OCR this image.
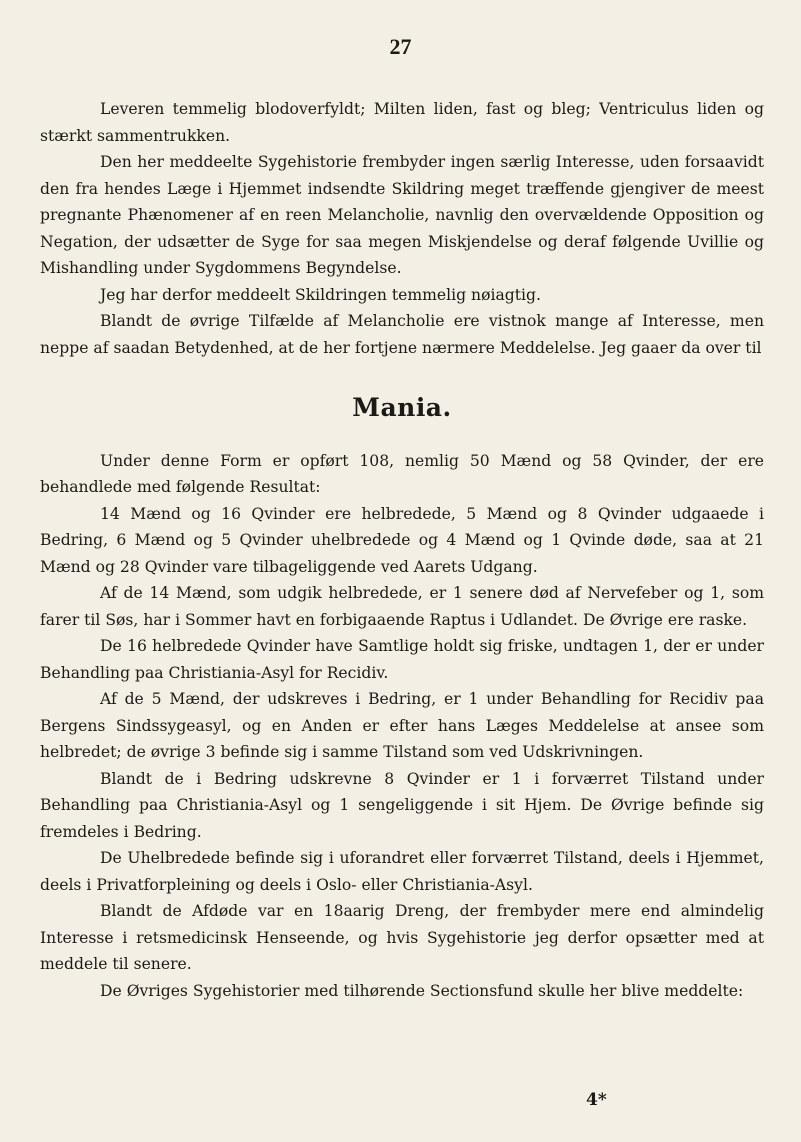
27

Leveren temmelig blodoverfyldt; Milten liden, fast og bleg; Ventriculus liden og stærkt sammentrukken.

Den her meddeelte Sygehistorie frembyder ingen særlig Interesse, uden forsaavidt den fra hendes Læge i Hjemmet indsendte Skildring meget træffende gjengiver de meest pregnante Phænomener af en reen Melancholie, navnlig den overvældende Opposition og Negation, der udsætter de Syge for saa megen Miskjendelse og deraf følgende Uvillie og Mishandling under Sygdommens Begyndelse.

Jeg har derfor meddeelt Skildringen temmelig nøiagtig.

Blandt de øvrige Tilfælde af Melancholie ere vistnok mange af Interesse, men neppe af saadan Betydenhed, at de her fortjene nærmere Meddelelse. Jeg gaaer da over til

Mania.

Under denne Form er opført 108, nemlig 50 Mænd og 58 Qvinder, der ere behandlede med følgende Resultat:

14 Mænd og 16 Qvinder ere helbredede, 5 Mænd og 8 Qvinder udgaaede i Bedring, 6 Mænd og 5 Qvinder uhelbredede og 4 Mænd og 1 Qvinde døde, saa at 21 Mænd og 28 Qvinder vare tilbageliggende ved Aarets Udgang.

Af de 14 Mænd, som udgik helbredede, er 1 senere død af Nervefeber og 1, som farer til Søs, har i Sommer havt en forbigaaende Raptus i Udlandet. De Øvrige ere raske.

De 16 helbredede Qvinder have Samtlige holdt sig friske, undtagen 1, der er under Behandling paa Christiania-Asyl for Recidiv.

Af de 5 Mænd, der udskreves i Bedring, er 1 under Behandling for Recidiv paa Bergens Sindssygeasyl, og en Anden er efter hans Læges Meddelelse at ansee som helbredet; de øvrige 3 befinde sig i samme Tilstand som ved Udskrivningen.

Blandt de i Bedring udskrevne 8 Qvinder er 1 i forværret Tilstand under Behandling paa Christiania-Asyl og 1 sengeliggende i sit Hjem. De Øvrige befinde sig fremdeles i Bedring.

De Uhelbredede befinde sig i uforandret eller forværret Tilstand, deels i Hjemmet, deels i Privatforpleining og deels i Oslo- eller Christiania-Asyl.

Blandt de Afdøde var en 18aarig Dreng, der frembyder mere end almindelig Interesse i retsmedicinsk Henseende, og hvis Sygehistorie jeg derfor opsætter med at meddele til senere.

De Øvriges Sygehistorier med tilhørende Sectionsfund skulle her blive meddelte:

4*
